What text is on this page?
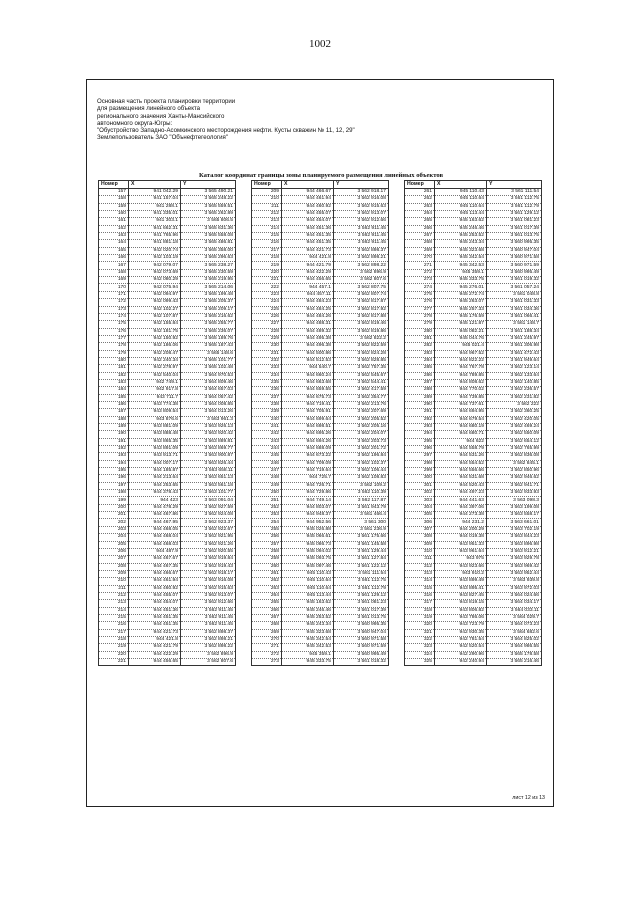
1002
Основная часть проекта планировки территории
для размещения линейного объекта
регионального значения Ханты-Мансийского
автономного округа-Югры:
"Обустройство Западно-Асомкинского месторождения нефти. Кусты скважин № 11, 12, 29"
Землепользователь ЗАО "Обънефтегеология"
Каталог координат границы зоны планируемого размещения линейных объектов
Номер	X	Y
157	941 042.29	3 565 490.21
158	941 157.04	3 565 248.22
159	941 288.1	3 565 559.51
160	941 335.01	3 565 262.89
161	941 303.1	3 565 806.5
162	941 662.31	3 565 631.36
163	941 765.96	3 565 558.08
164	941 881.18	3 565 486.81
165	942 020.74	3 565 358.00
166	942 103.19	3 565 296.63
167	942 079.07	3 565 238.27
168	942 073.69	3 565 230.59
169	942 080.29	3 565 219.95
170	942 075.94	3 565 214.06
171	942 094.97	3 565 199.48
172	942 099.43	3 565 205.37
173	942 102.27	3 565 209.17
174	942 107.87	3 565 216.62
175	942 155.84	3 565 255.77
176	942 181.75	3 565 236.07
177	942 150.92	3 565 189.76
178	942 186.06	3 565 187.43
179	942 208.47	3 565 148.6
180	942 240.34	3 565 101.77
181	942 278.97	3 565 102.48
182	942 540.04	3 564 970.53
183	942 749.1	3 564 809.46
184	942 917.8	3 564 657.03
185	943 711.7	3 564 057.42
186	943 774.38	3 564 008.85
187	943 809.54	3 564 013.26
188	943 876.6	3 563 961.3
189	943 881.09	3 563 926.13
190	943 888.48	3 563 920.42
191	943 865.35	3 563 889.81
192	943 891.09	3 563 869.77
193	943 913.71	3 563 900.87
194	944 007.17	3 563 826.44
195	944 185.87	3 563 658.11
196	944 213.64	3 563 651.13
197	944 253.65	3 563 561.18
198	944 378.43	3 563 101.77
199	944 423	3 563 091.04
200	944 478.29	3 562 927.59
201	944 467.86	3 562 924.08
202	944 467.95	3 562 923.37
203	944 468.05	3 562 922.67
204	944 468.04	3 562 921.95
205	944 468.03	3 562 921.26
206	944 487.9	3 562 920.55
207	944 467.67	3 562 919.84
208	944 467.35	3 562 919.43
209	944 466.67	3 562 918.17
210	944 461.94	3 562 916.08
211	944 460.92	3 562 915.63
212	944 455.07	3 562 913.07
213	944 454.07	3 562 912.66
214	944 451.36	3 562 911.45
215	944 451.35	3 562 911.45
216	944 451.35	3 562 911.45
217	944 421.73	3 562 898.37
218	944 421.8	3 562 898.21
219	944 421.79	3 562 898.22
220	944 422.29	3 562 896.9
221	944 456.65	3 562 807.6
Номер	X	Y
209	944 466.67	3 562 918.17
210	944 461.94	3 562 916.08
211	944 460.92	3 562 915.63
212	944 455.07	3 562 913.07
213	944 454.07	3 562 912.66
214	944 451.36	3 562 911.45
215	944 451.35	3 562 911.45
216	944 451.35	3 562 911.45
217	944 421.73	3 562 898.37
218	944 421.8	3 562 898.21
219	944 421.79	3 562 898.22
220	944 422.29	3 562 896.9
221	944 456.65	3 562 807.6
222	944 457.1	3 562 807.75
223	944 457.11	3 562 807.74
224	944 484.23	3 562 817.87
225	944 484.25	3 562 817.92
226	944 484.26	3 562 817.88
227	944 488.31	3 562 819.46
228	944 489.32	3 562 819.86
229	944 495.38	3 562 822.2
230	944 496.38	3 562 822.59
231	944 500.86	3 562 824.28
232	944 512.53	3 562 828.85
233	944 540.7	3 562 757.35
234	944 660.24	3 562 545.67
235	944 663.68	3 562 544.41
236	944 659.55	3 562 417.59
237	944 675.73	3 562 354.77
238	944 719.41	3 562 213.76
239	944 705.91	3 562 207.69
240	944 699.64	3 562 205.52
241	944 698.51	3 562 205.16
242	944 695.26	3 562 204.07
243	944 694.26	3 562 203.73
244	944 688.09	3 562 201.72
245	944 673.22	3 562 196.84
246	944 709.09	3 562 102.37
247	944 719.64	3 562 106.44
248	944 725.7	3 562 108.83
249	944 726.71	3 562 109.2
250	944 729.86	3 562 110.39
251	944 749.14	3 562 117.87
252	944 803.07	3 561 943.79
253	944 948.37	3 561 466.4
254	944 952.56	3 561 300
255	945 026.88	3 561 236.9
256	945 066.61	3 561 175.66
257	945 086.73	3 561 145.58
258	945 094.02	3 561 129.44
259	945 093.75	3 561 127.84
260	945 097.46	3 561 122.12
261	945 110.43	3 561 111.54
262	945 110.64	3 561 112.75
263	945 110.64	3 561 112.79
264	945 113.44	3 561 129.12
265	945 163.62	3 561 081.23
266	945 246.46	3 561 017.39
267	945 253.52	3 561 013.75
268	945 243.34	3 560 995.35
269	945 323.68	3 560 947.04
270	945 342.54	3 560 971.58
271	945 342.53	3 560 971.59
272	945 359.1	3 560 995.49
273	945 333.75	3 561 018.32
Номер	X	Y
261	945 110.43	3 561 111.54
262	945 110.64	3 561 112.75
263	945 110.64	3 561 112.79
264	945 113.44	3 561 129.12
265	945 163.62	3 561 081.23
266	945 246.46	3 561 017.39
267	945 253.52	3 561 013.75
268	945 243.34	3 560 995.35
269	945 323.68	3 560 947.04
270	945 342.54	3 560 971.58
271	945 342.53	3 560 971.59
272	945 359.1	3 560 995.49
273	945 333.75	3 561 019.32
274	945 276.01	3 561 057.24
275	945 272.74	3 561 048.8
276	945 263.07	3 561 031.33
277	945 257.33	3 561 034.36
278	945 176.59	3 561 066.41
279	945 121.87	3 561 148.7
280	945 082.21	3 561 188.34
281	945 044.76	3 561 245.97
282	945 021.4	3 561 306.98
283	944 967.52	3 561 472.43
284	944 822.22	3 561 949.64
285	944 767.78	3 562 123.14
286	944 789.85	3 562 133.64
287	944 808.62	3 562 140.85
288	944 770.02	3 562 236.57
289	944 739.85	3 562 231.82
290	944 737.61	3 562 222
291	944 694.95	3 562 360.25
292	944 679.54	3 562 420.05
293	944 680.19	3 562 469.24
294	944 680.71	3 562 550.09
295	944 622	3 562 654.12
296	944 558.79	3 562 765.99
297	944 531.26	3 562 836.08
298	944 554.52	3 562 845.1
299	944 556.66	3 562 850.96
300	944 531.68	3 562 946.62
301	944 520.43	3 562 941.71
302	944 497.23	3 562 933.93
303	944 441.63	3 563 098.3
304	944 397.06	3 563 199.08
305	944 273.38	3 563 558.17
306	944 231.2	3 563 661.01
307	944 200.29	3 563 702.19
308	944 019.38	3 563 844.23
309	943 951.33	3 563 896.98
310	943 961.64	3 563 912.21
311	943 975	3 563 929.78
312	943 923.66	3 563 969.42
313	943 910.2	3 563 952.44
314	943 899.49	3 563 939.8
315	943 895.41	3 563 972.03
316	943 827.45	3 564 024.66
317	943 819.15	3 564 034.17
318	943 806.82	3 564 033.11
319	943 786.06	3 564 029.7
320	943 723.79	3 564 073.23
321	942 930.35	3 564 682.6
322	942 781.54	3 564 825.02
323	942 520.54	3 564 986.55
324	942 290.96	3 565 178.58
325	942 240.94	3 565 216.46
лист 12 из 13
